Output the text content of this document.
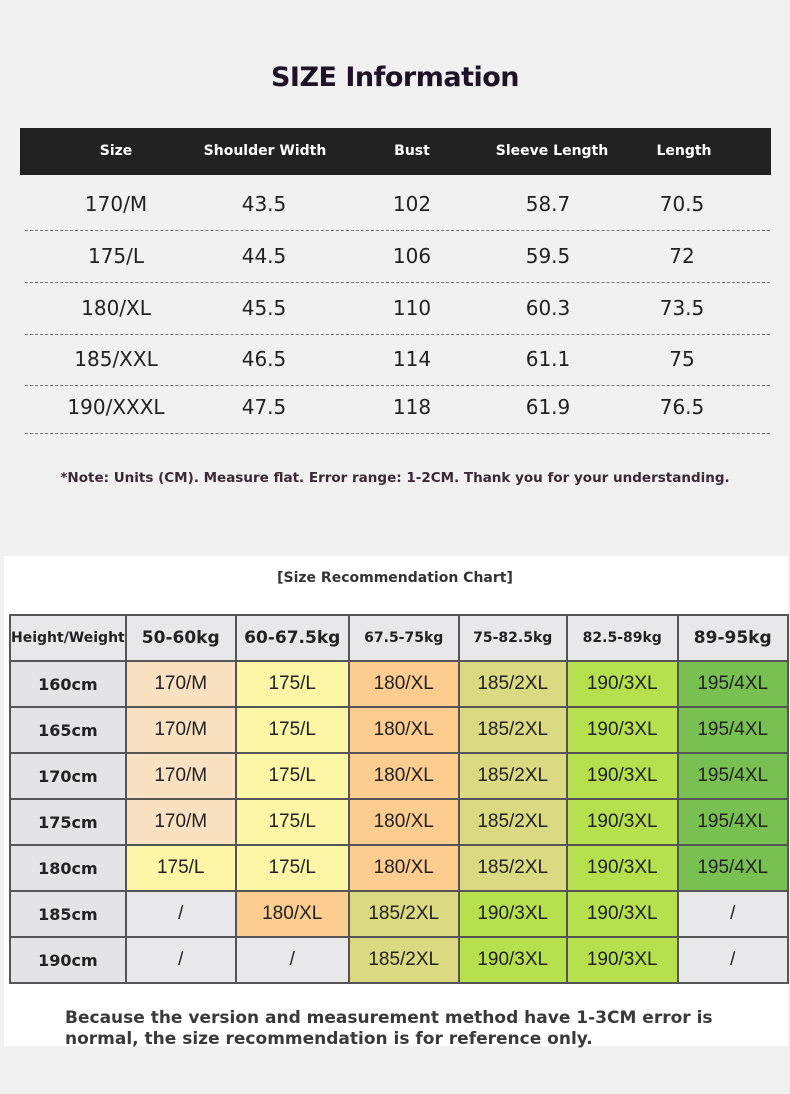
SIZE Information
Size	Shoulder Width	Bust	Sleeve Length	Length
170/M	43.5	102	58.7	70.5
175/L	44.5	106	59.5	72
180/XL	45.5	110	60.3	73.5
185/XXL	46.5	114	61.1	75
190/XXXL	47.5	118	61.9	76.5
*Note: Units (CM). Measure flat. Error range: 1-2CM. Thank you for your understanding.
[Size Recommendation Chart]
Height/Weight	50-60kg	60-67.5kg	67.5-75kg	75-82.5kg	82.5-89kg	89-95kg
160cm	170/M	175/L	180/XL	185/2XL	190/3XL	195/4XL
165cm	170/M	175/L	180/XL	185/2XL	190/3XL	195/4XL
170cm	170/M	175/L	180/XL	185/2XL	190/3XL	195/4XL
175cm	170/M	175/L	180/XL	185/2XL	190/3XL	195/4XL
180cm	175/L	175/L	180/XL	185/2XL	190/3XL	195/4XL
185cm	/	180/XL	185/2XL	190/3XL	190/3XL	/
190cm	/	/	185/2XL	190/3XL	190/3XL	/
Because the version and measurement method have 1-3CM error is normal, the size recommendation is for reference only.
